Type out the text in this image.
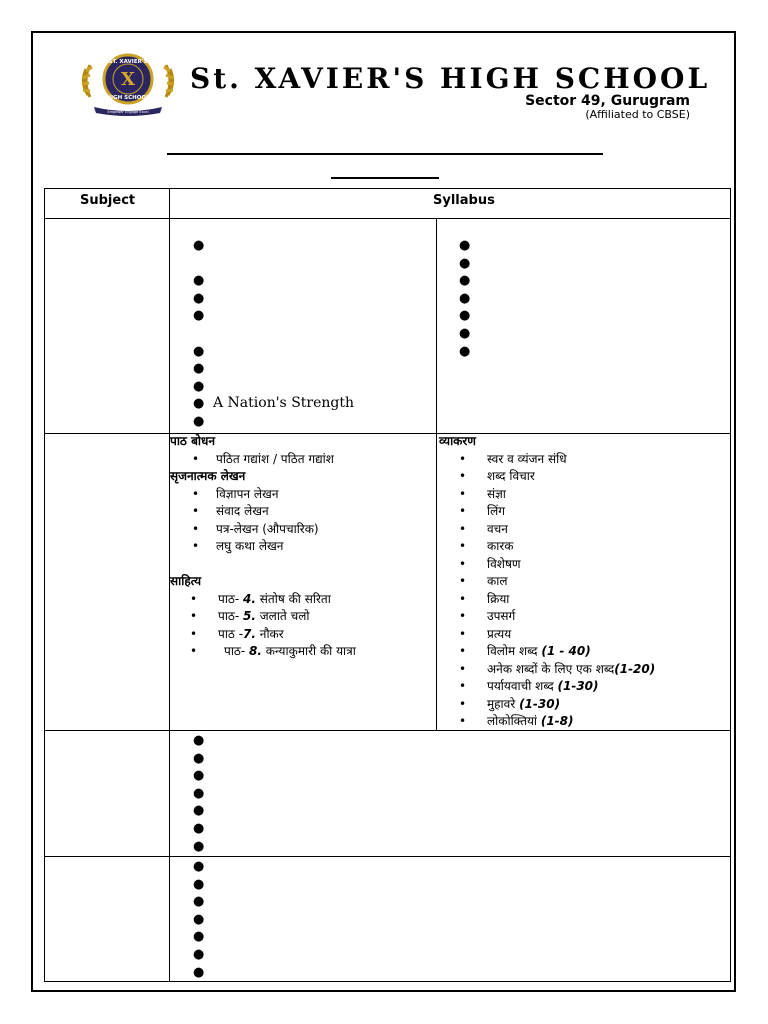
X
ST. XAVIER'S
HIGH SCHOOL
Empower Engage Excel
St. XAVIER'S HIGH SCHOOL
Sector 49, Gurugram
(Affiliated to CBSE)
Subject	Syllabus
●
●
●
●
●
●
●
● A Nation's Strength
●
●
●
●
●
●
●
●
पाठ बोधन
• पठित गद्यांश / पठित गद्यांश
सृजनात्मक लेखन
• विज्ञापन लेखन
• संवाद लेखन
• पत्र-लेखन (औपचारिक)
• लघु कथा लेखन
साहित्य
• पाठ- 4. संतोष की सरिता
• पाठ- 5. जलाते चलो
• पाठ -7. नौकर
• पाठ- 8. कन्याकुमारी की यात्रा
व्याकरण
• स्वर व व्यंजन संधि
• शब्द विचार
• संज्ञा
• लिंग
• वचन
• कारक
• विशेषण
• काल
• क्रिया
• उपसर्ग
• प्रत्यय
• विलोम शब्द (1 - 40)
• अनेक शब्दों के लिए एक शब्द(1-20)
• पर्यायवाची शब्द (1-30)
• मुहावरे (1-30)
• लोकोक्तियां (1-8)
●
●
●
●
●
●
●
●
●
●
●
●
●
●
